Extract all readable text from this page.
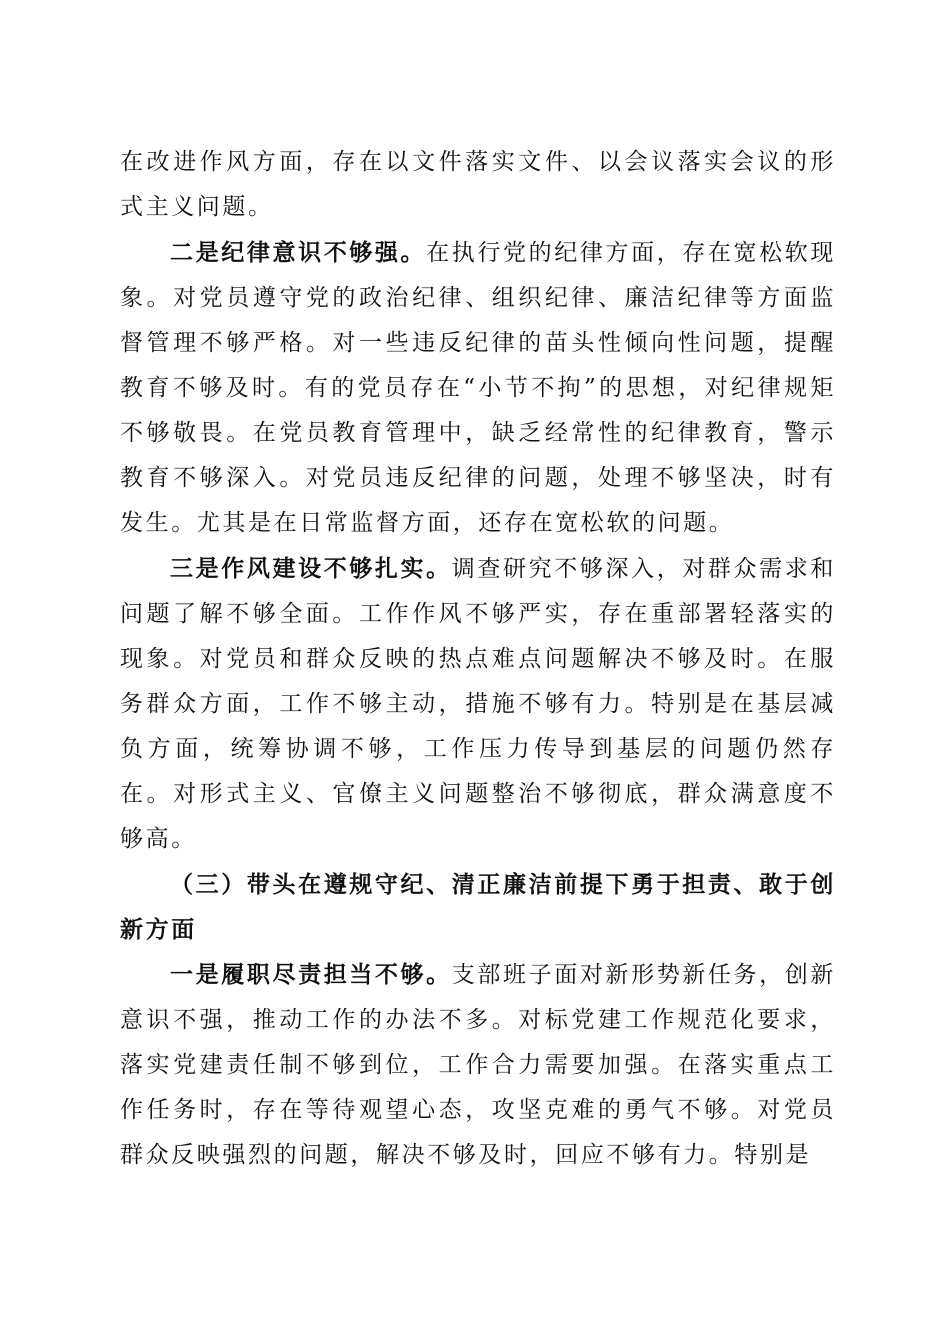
在改进作风方面，存在以文件落实文件、以会议落实会议的形式主义问题。

二是纪律意识不够强。在执行党的纪律方面，存在宽松软现象。对党员遵守党的政治纪律、组织纪律、廉洁纪律等方面监督管理不够严格。对一些违反纪律的苗头性倾向性问题，提醒教育不够及时。有的党员存在“小节不拘”的思想，对纪律规矩不够敬畏。在党员教育管理中，缺乏经常性的纪律教育，警示教育不够深入。对党员违反纪律的问题，处理不够坚决，时有发生。尤其是在日常监督方面，还存在宽松软的问题。

三是作风建设不够扎实。调查研究不够深入，对群众需求和问题了解不够全面。工作作风不够严实，存在重部署轻落实的现象。对党员和群众反映的热点难点问题解决不够及时。在服务群众方面，工作不够主动，措施不够有力。特别是在基层减负方面，统筹协调不够，工作压力传导到基层的问题仍然存在。对形式主义、官僚主义问题整治不够彻底，群众满意度不够高。

（三）带头在遵规守纪、清正廉洁前提下勇于担责、敢于创新方面

一是履职尽责担当不够。支部班子面对新形势新任务，创新意识不强，推动工作的办法不多。对标党建工作规范化要求，落实党建责任制不够到位，工作合力需要加强。在落实重点工作任务时，存在等待观望心态，攻坚克难的勇气不够。对党员群众反映强烈的问题，解决不够及时，回应不够有力。特别是
